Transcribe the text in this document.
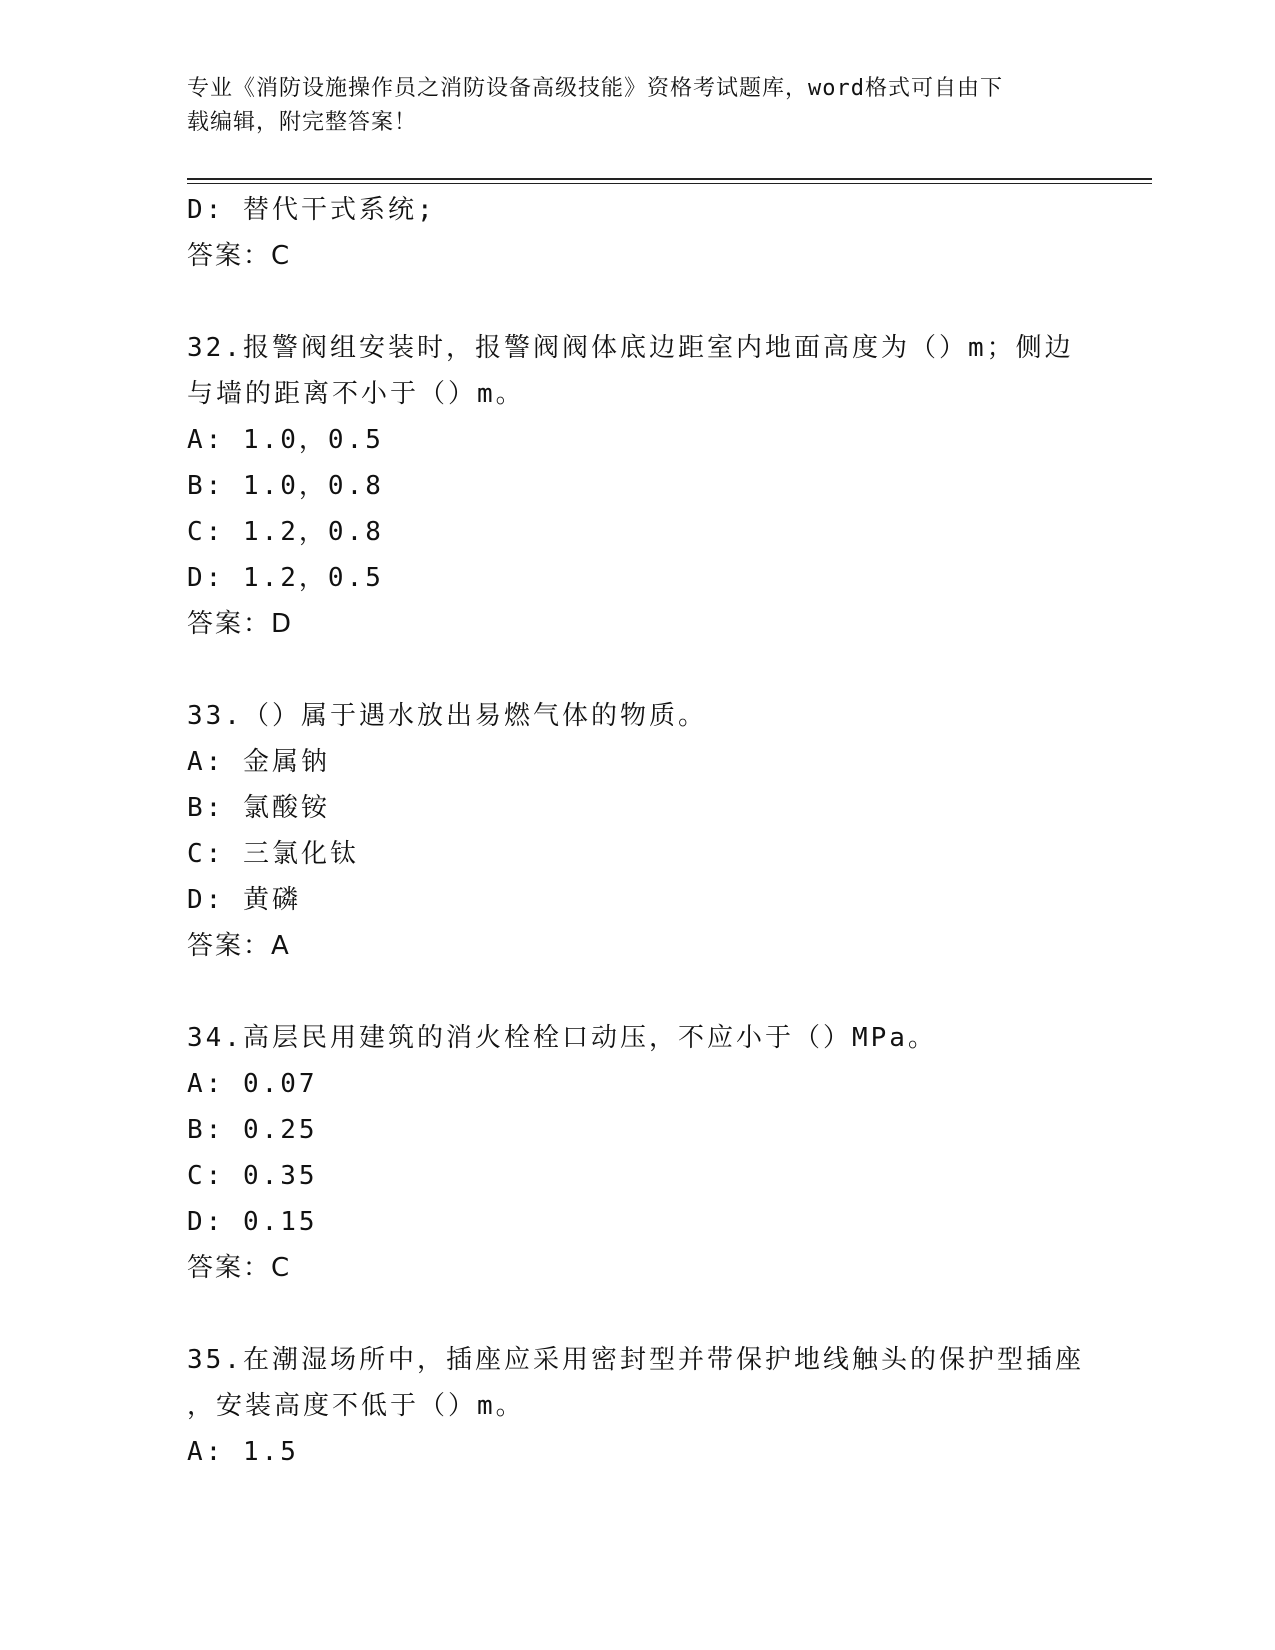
专业《消防设施操作员之消防设备高级技能》资格考试题库，word格式可自由下
载编辑，附完整答案！
D: 替代干式系统;
答案：C
32.报警阀组安装时，报警阀阀体底边距室内地面高度为（）m；侧边
与墙的距离不小于（）m。
A: 1.0，0.5
B: 1.0，0.8
C: 1.2，0.8
D: 1.2，0.5
答案：D
33.（）属于遇水放出易燃气体的物质。
A: 金属钠
B: 氯酸铵
C: 三氯化钛
D: 黄磷
答案：A
34.高层民用建筑的消火栓栓口动压，不应小于（）MPa。
A: 0.07
B: 0.25
C: 0.35
D: 0.15
答案：C
35.在潮湿场所中，插座应采用密封型并带保护地线触头的保护型插座
，安装高度不低于（）m。
A: 1.5
